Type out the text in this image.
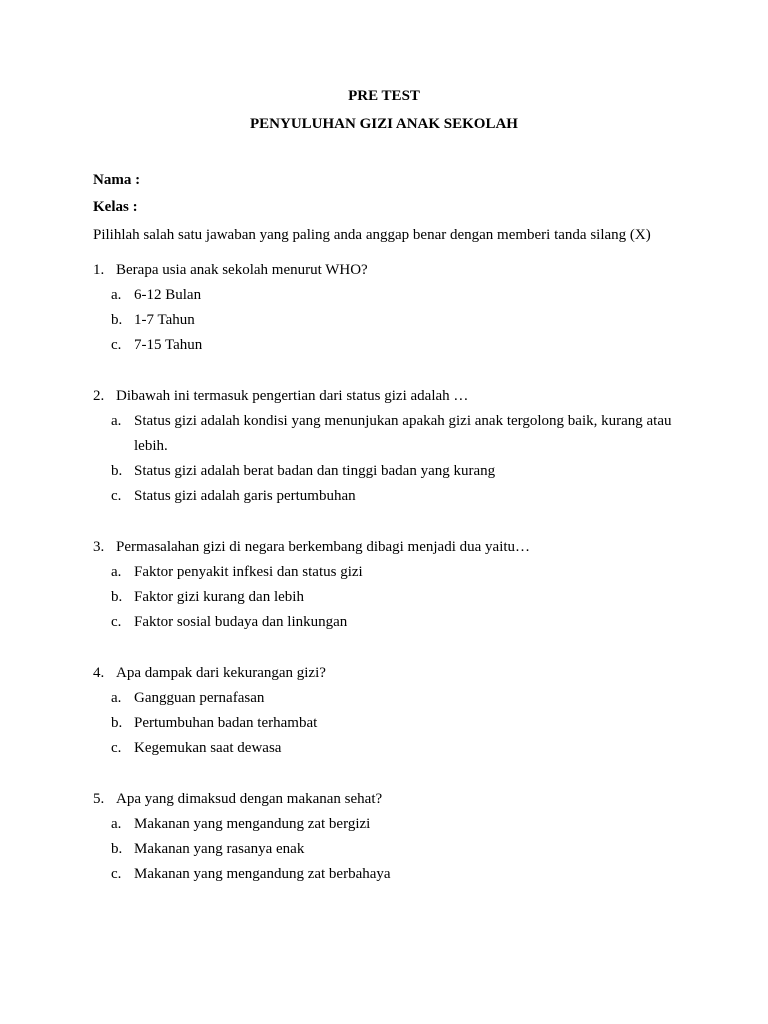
PRE TEST
PENYULUHAN GIZI ANAK SEKOLAH
Nama :
Kelas :
Pilihlah salah satu jawaban yang paling anda anggap benar dengan memberi tanda silang (X)
1. Berapa usia anak sekolah menurut WHO?
a. 6-12 Bulan
b. 1-7 Tahun
c. 7-15 Tahun
2. Dibawah ini termasuk pengertian dari status gizi adalah …
a. Status gizi adalah kondisi yang menunjukan apakah gizi anak tergolong baik, kurang atau lebih.
b. Status gizi adalah berat badan dan tinggi badan yang kurang
c. Status gizi adalah garis pertumbuhan
3. Permasalahan gizi di negara berkembang dibagi menjadi dua yaitu…
a. Faktor penyakit infkesi dan status gizi
b. Faktor gizi kurang dan lebih
c. Faktor sosial budaya dan linkungan
4. Apa dampak dari kekurangan gizi?
a. Gangguan pernafasan
b. Pertumbuhan badan terhambat
c. Kegemukan saat dewasa
5. Apa yang dimaksud dengan makanan sehat?
a. Makanan yang mengandung zat bergizi
b. Makanan yang rasanya enak
c. Makanan yang mengandung zat berbahaya
